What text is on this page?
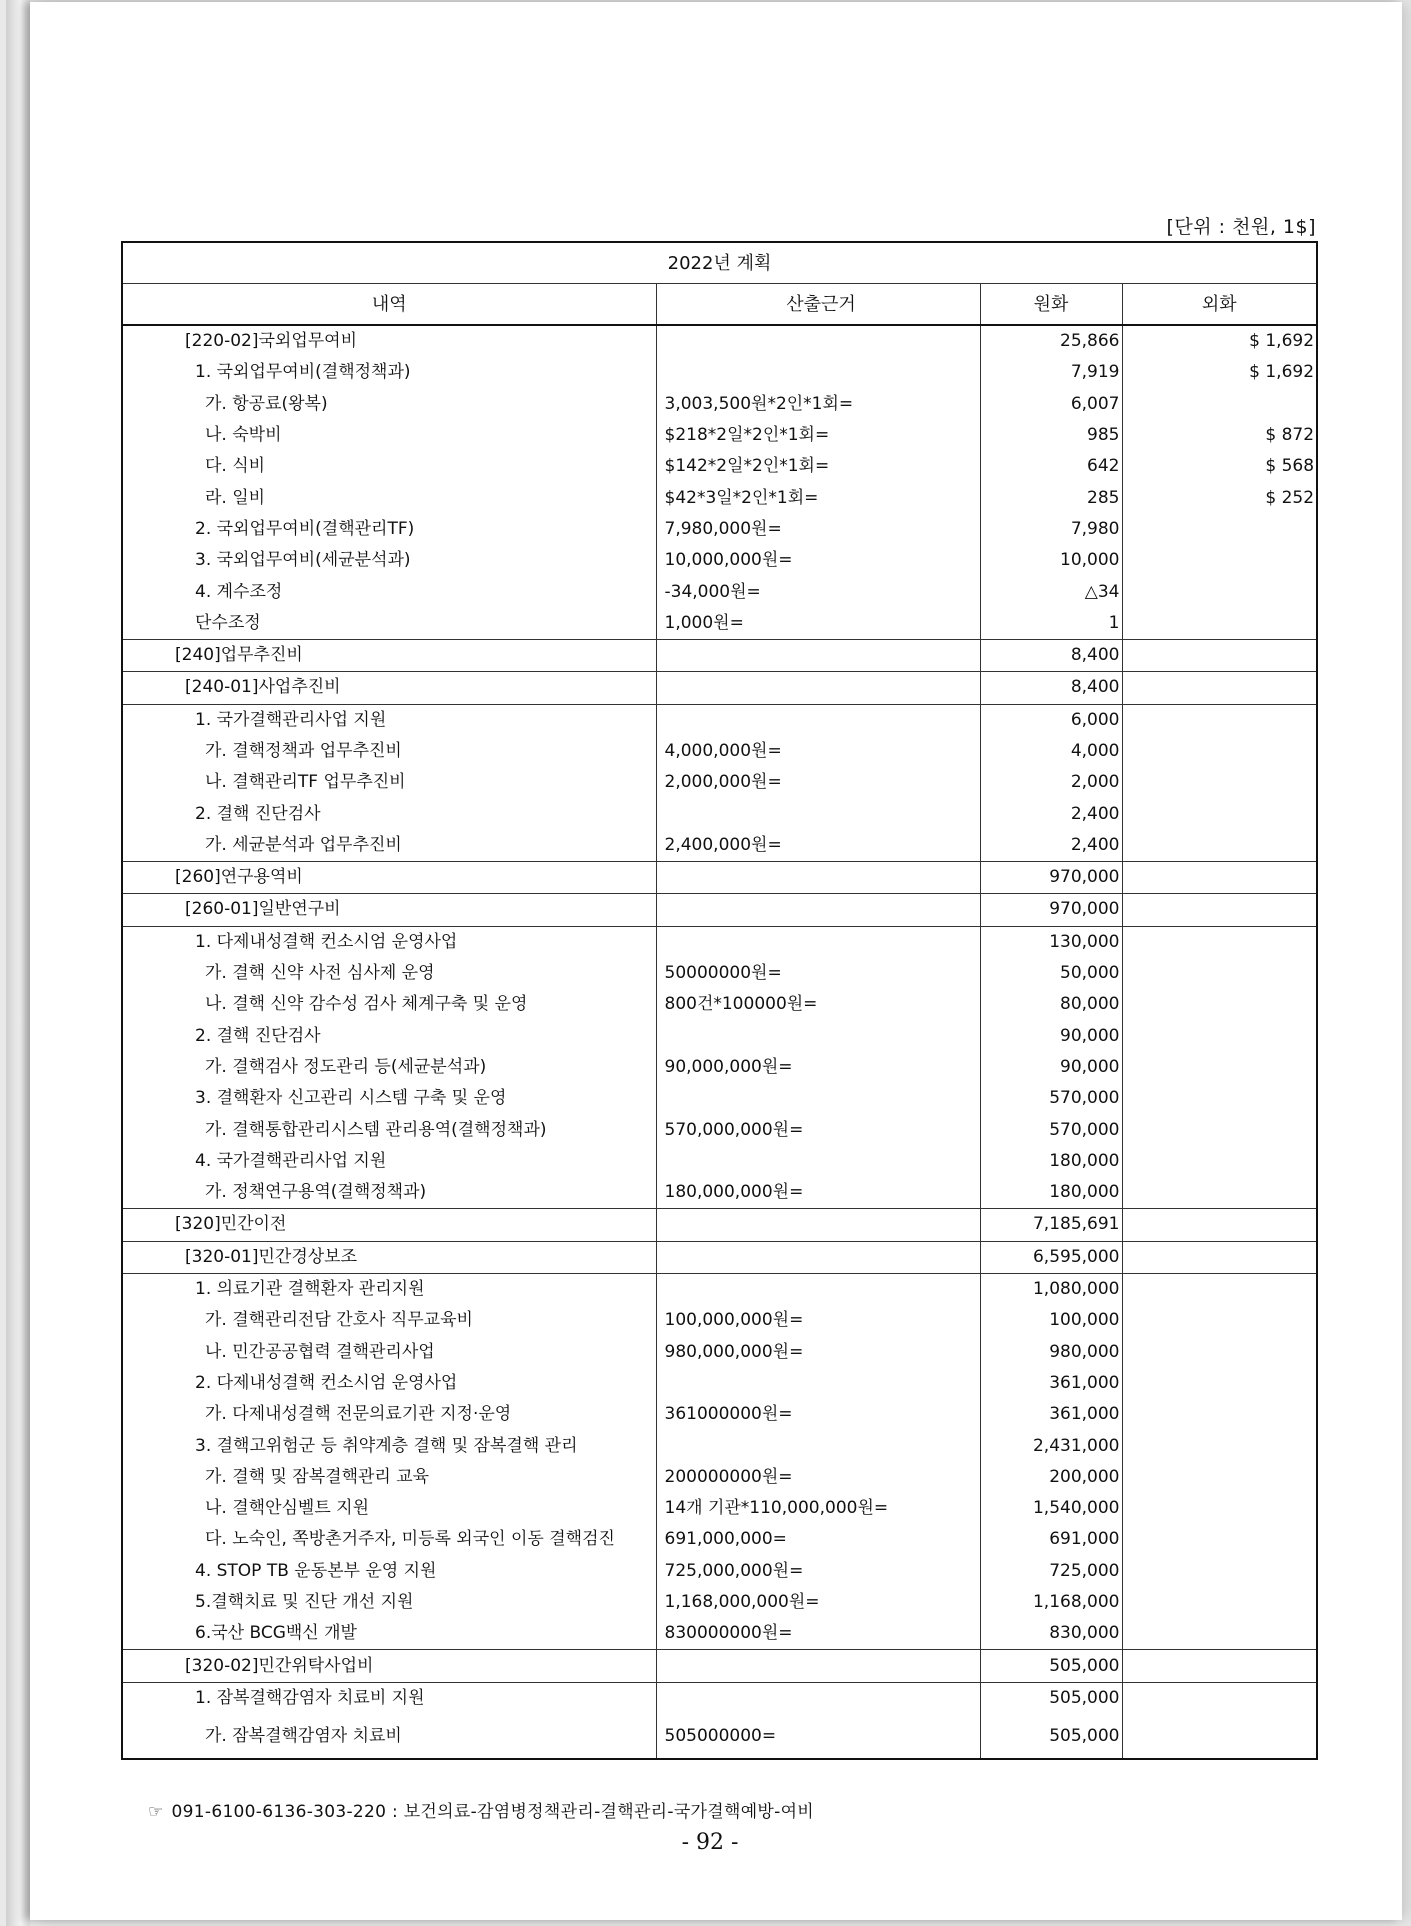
[단위 : 천원, 1$]
2022년 계획			
내역	산출근거	원화	외화
[220-02]국외업무여비		25,866	$ 1,692
1. 국외업무여비(결핵정책과)		7,919	$ 1,692
가. 항공료(왕복)	3,003,500원*2인*1회=	6,007	
나. 숙박비	$218*2일*2인*1회=	985	$ 872
다. 식비	$142*2일*2인*1회=	642	$ 568
라. 일비	$42*3일*2인*1회=	285	$ 252
2. 국외업무여비(결핵관리TF)	7,980,000원=	7,980	
3. 국외업무여비(세균분석과)	10,000,000원=	10,000	
4. 계수조정	-34,000원=	△34	
단수조정	1,000원=	1	
[240]업무추진비		8,400	
[240-01]사업추진비		8,400	
1. 국가결핵관리사업 지원		6,000	
가. 결핵정책과 업무추진비	4,000,000원=	4,000	
나. 결핵관리TF 업무추진비	2,000,000원=	2,000	
2. 결핵 진단검사		2,400	
가. 세균분석과 업무추진비	2,400,000원=	2,400	
[260]연구용역비		970,000	
[260-01]일반연구비		970,000	
1. 다제내성결핵 컨소시엄 운영사업		130,000	
가. 결핵 신약 사전 심사제 운영	50000000원=	50,000	
나. 결핵 신약 감수성 검사 체계구축 및 운영	800건*100000원=	80,000	
2. 결핵 진단검사		90,000	
가. 결핵검사 정도관리 등(세균분석과)	90,000,000원=	90,000	
3. 결핵환자 신고관리 시스템 구축 및 운영		570,000	
가. 결핵통합관리시스템 관리용역(결핵정책과)	570,000,000원=	570,000	
4. 국가결핵관리사업 지원		180,000	
가. 정책연구용역(결핵정책과)	180,000,000원=	180,000	
[320]민간이전		7,185,691	
[320-01]민간경상보조		6,595,000	
1. 의료기관 결핵환자 관리지원		1,080,000	
가. 결핵관리전담 간호사 직무교육비	100,000,000원=	100,000	
나. 민간공공협력 결핵관리사업	980,000,000원=	980,000	
2. 다제내성결핵 컨소시엄 운영사업		361,000	
가. 다제내성결핵 전문의료기관 지정·운영	361000000원=	361,000	
3. 결핵고위험군 등 취약계층 결핵 및 잠복결핵 관리		2,431,000	
가. 결핵 및 잠복결핵관리 교육	200000000원=	200,000	
나. 결핵안심벨트 지원	14개 기관*110,000,000원=	1,540,000	
다. 노숙인, 쪽방촌거주자, 미등록 외국인 이동 결핵검진	691,000,000=	691,000	
4. STOP TB 운동본부 운영 지원	725,000,000원=	725,000	
5.결핵치료 및 진단 개선 지원	1,168,000,000원=	1,168,000	
6.국산 BCG백신 개발	830000000원=	830,000	
[320-02]민간위탁사업비		505,000	
1. 잠복결핵감염자 치료비 지원		505,000	
가. 잠복결핵감염자 치료비	505000000=	505,000	
☞ 091-6100-6136-303-220 : 보건의료-감염병정책관리-결핵관리-국가결핵예방-여비
- 92 -
